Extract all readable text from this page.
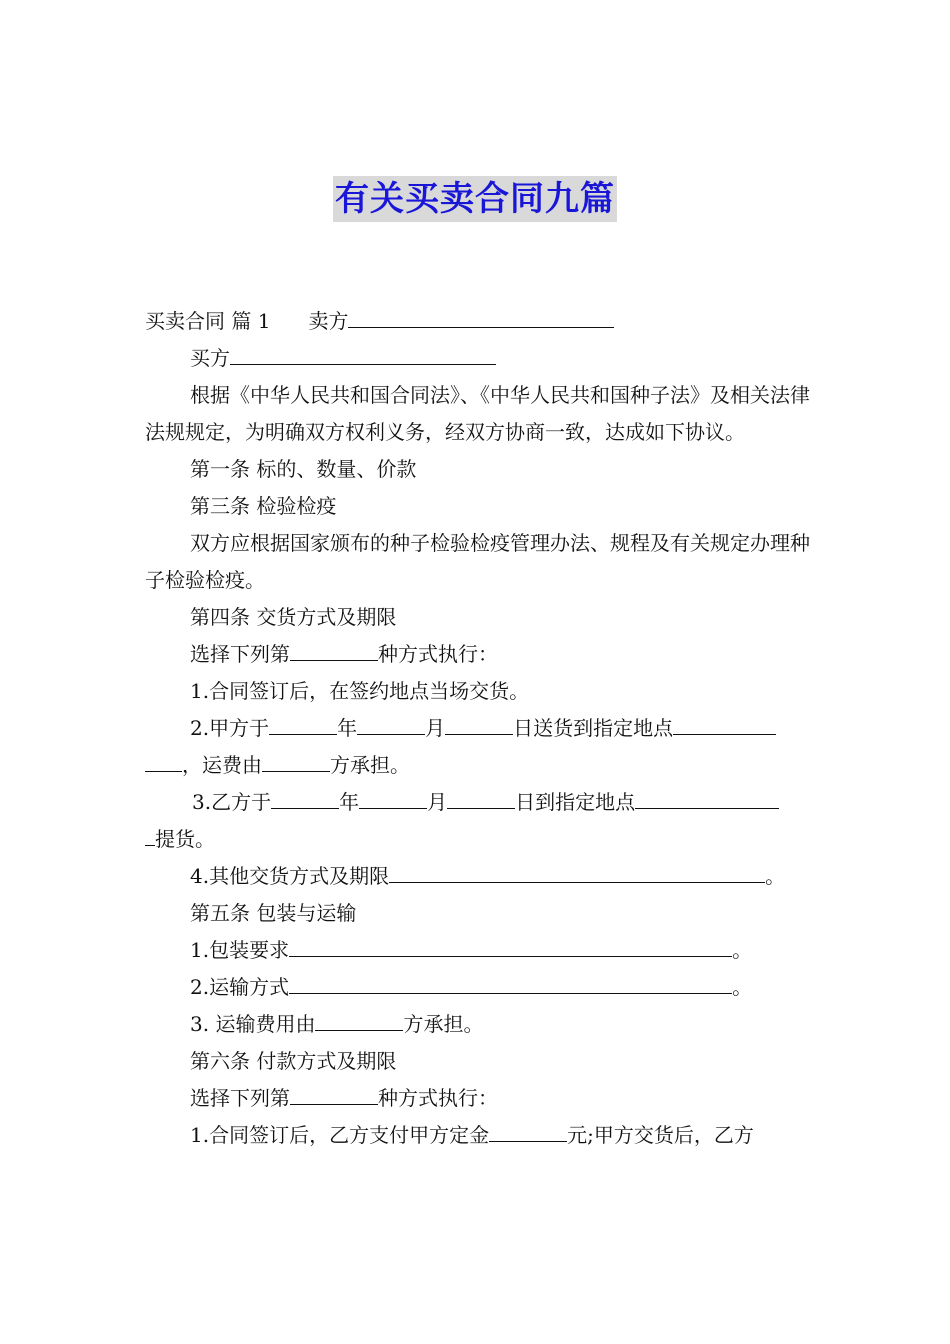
有关买卖合同九篇

买卖合同 篇 1 卖方

买方

根据《中华人民共和国合同法》、《中华人民共和国种子法》及相关法律法规规定，为明确双方权利义务，经双方协商一致，达成如下协议。

第一条 标的、数量、价款

第三条 检验检疫

双方应根据国家颁布的种子检验检疫管理办法、规程及有关规定办理种子检验检疫。

第四条 交货方式及期限

选择下列第	种方式执行：

1.合同签订后，在签约地点当场交货。

2.甲方于	年	月	日送货到指定地点

，运费由	方承担。

3.乙方于	年	月	日到指定地点

提货。

4.其他交货方式及期限	。

第五条 包装与运输

1.包装要求	。

2.运输方式	。

3. 运输费用由	方承担。

第六条 付款方式及期限

选择下列第	种方式执行：

1.合同签订后，乙方支付甲方定金	元;甲方交货后，乙方
